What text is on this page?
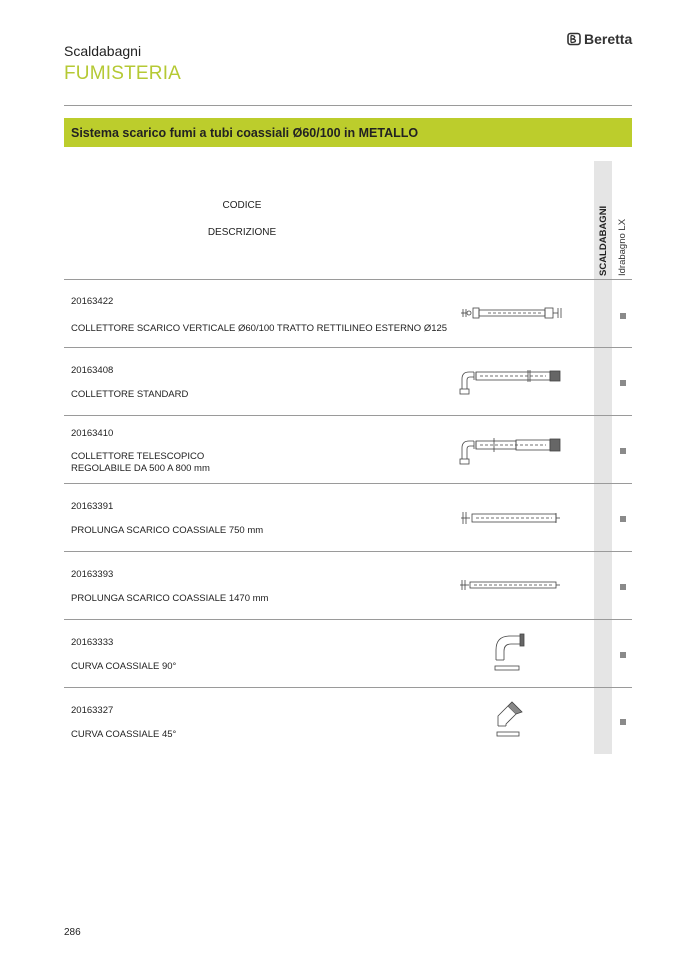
Scaldabagni
FUMISTERIA
Beretta
Sistema scarico fumi a tubi coassiali Ø60/100 in METALLO
CODICE
DESCRIZIONE	SCALDABAGNI Idrabagno LX
20163422
COLLETTORE SCARICO VERTICALE Ø60/100 TRATTO RETTILINEO ESTERNO Ø125
20163408
COLLETTORE STANDARD
20163410
COLLETTORE TELESCOPICO
REGOLABILE DA 500 A 800 mm
20163391
PROLUNGA SCARICO COASSIALE 750 mm
20163393
PROLUNGA SCARICO COASSIALE 1470 mm
20163333
CURVA COASSIALE 90°
20163327
CURVA COASSIALE 45°
286
